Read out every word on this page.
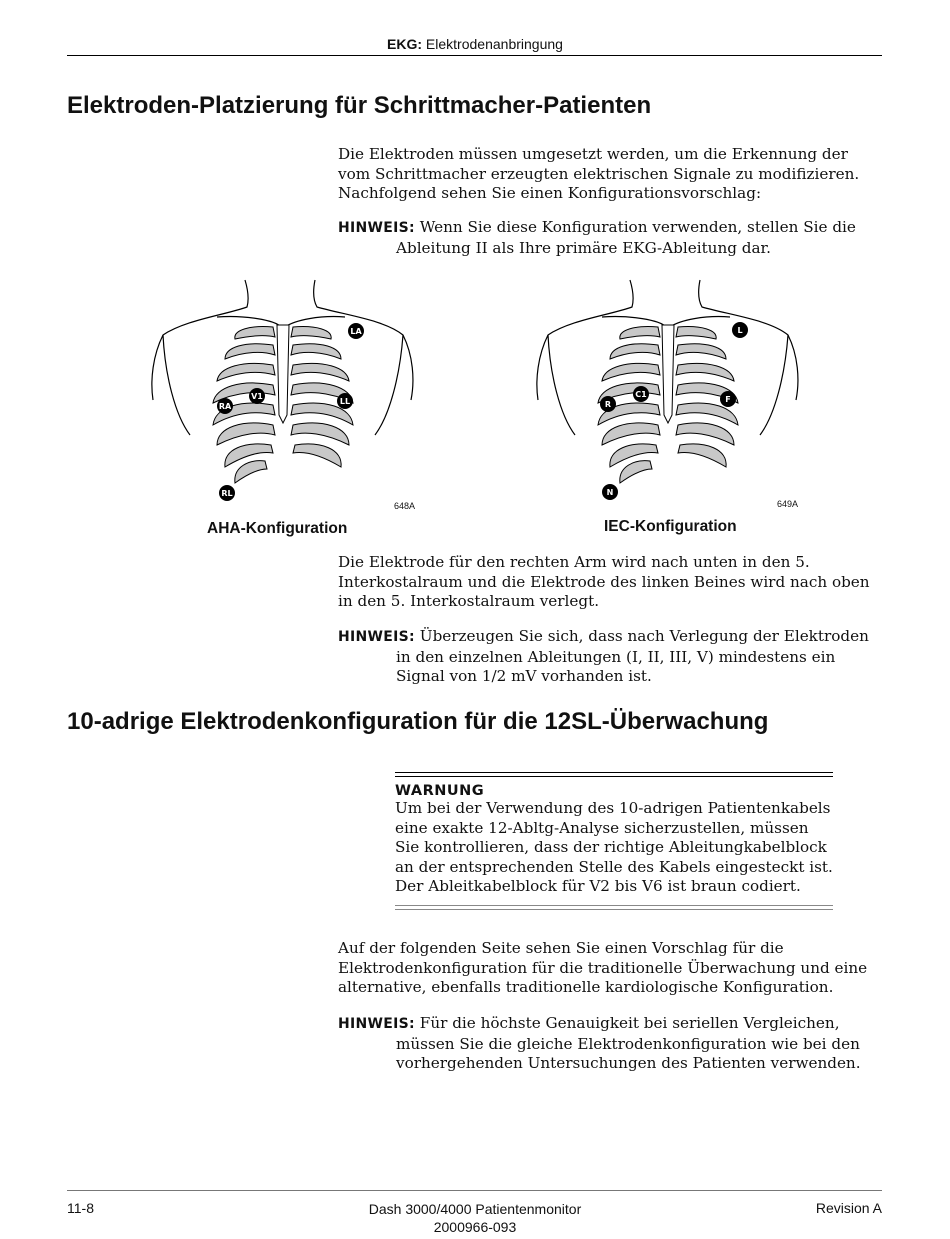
EKG: Elektrodenanbringung
Elektroden-Platzierung für Schrittmacher-Patienten

Die Elektroden müssen umgesetzt werden, um die Erkennung der vom Schrittmacher erzeugten elektrischen Signale zu modifizieren. Nachfolgend sehen Sie einen Konfigurationsvorschlag:

HINWEIS: Wenn Sie diese Konfiguration verwenden, stellen Sie die Ableitung II als Ihre primäre EKG-Ableitung dar.

LA
V1
RA
LL
RL
648A
AHA-Konfiguration
L
C1
R
F
N
649A
IEC-Konfiguration

Die Elektrode für den rechten Arm wird nach unten in den 5. Interkostalraum und die Elektrode des linken Beines wird nach oben in den 5. Interkostalraum verlegt.

HINWEIS: Überzeugen Sie sich, dass nach Verlegung der Elektroden in den einzelnen Ableitungen (I, II, III, V) mindestens ein Signal von 1/2 mV vorhanden ist.

10-adrige Elektrodenkonfiguration für die 12SL-Überwachung
WARNUNG
Um bei der Verwendung des 10-adrigen Patientenkabels eine exakte 12-Abltg-Analyse sicherzustellen, müssen Sie kontrollieren, dass der richtige Ableitungkabelblock an der entsprechenden Stelle des Kabels eingesteckt ist. Der Ableitkabelblock für V2 bis V6 ist braun codiert.

Auf der folgenden Seite sehen Sie einen Vorschlag für die Elektrodenkonfiguration für die traditionelle Überwachung und eine alternative, ebenfalls traditionelle kardiologische Konfiguration.

HINWEIS: Für die höchste Genauigkeit bei seriellen Vergleichen, müssen Sie die gleiche Elektrodenkonfiguration wie bei den vorhergehenden Untersuchungen des Patienten verwenden.

11-8	Dash 3000/4000 Patientenmonitor
2000966-093
Revision A
